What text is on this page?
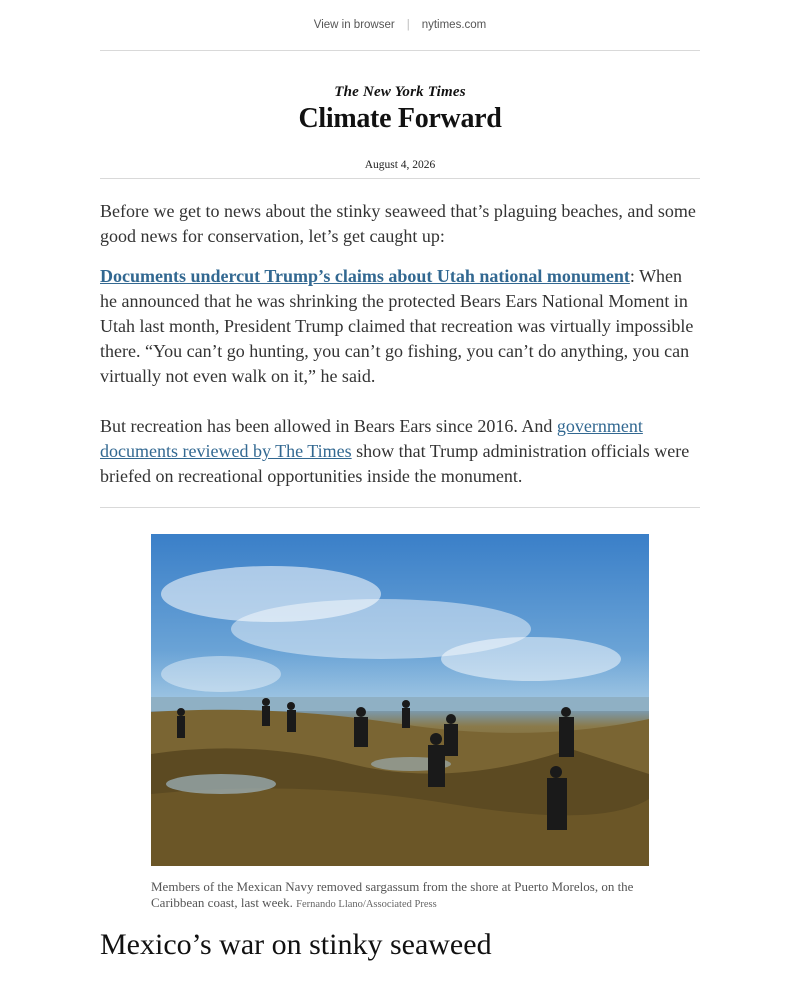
View in browser | nytimes.com
The New York Times
Climate Forward
August 4, 2026

Before we get to news about the stinky seaweed that’s plaguing beaches, and some good news for conservation, let’s get caught up:

Documents undercut Trump’s claims about Utah national monument: When he announced that he was shrinking the protected Bears Ears National Moment in Utah last month, President Trump claimed that recreation was virtually impossible there. “You can’t go hunting, you can’t go fishing, you can’t do anything, you can virtually not even walk on it,” he said.

But recreation has been allowed in Bears Ears since 2016. And government documents reviewed by The Times show that Trump administration officials were briefed on recreational opportunities inside the monument.

Members of the Mexican Navy removed sargassum from the shore at Puerto Morelos, on the Caribbean coast, last week. Fernando Llano/Associated Press
Mexico’s war on stinky seaweed
